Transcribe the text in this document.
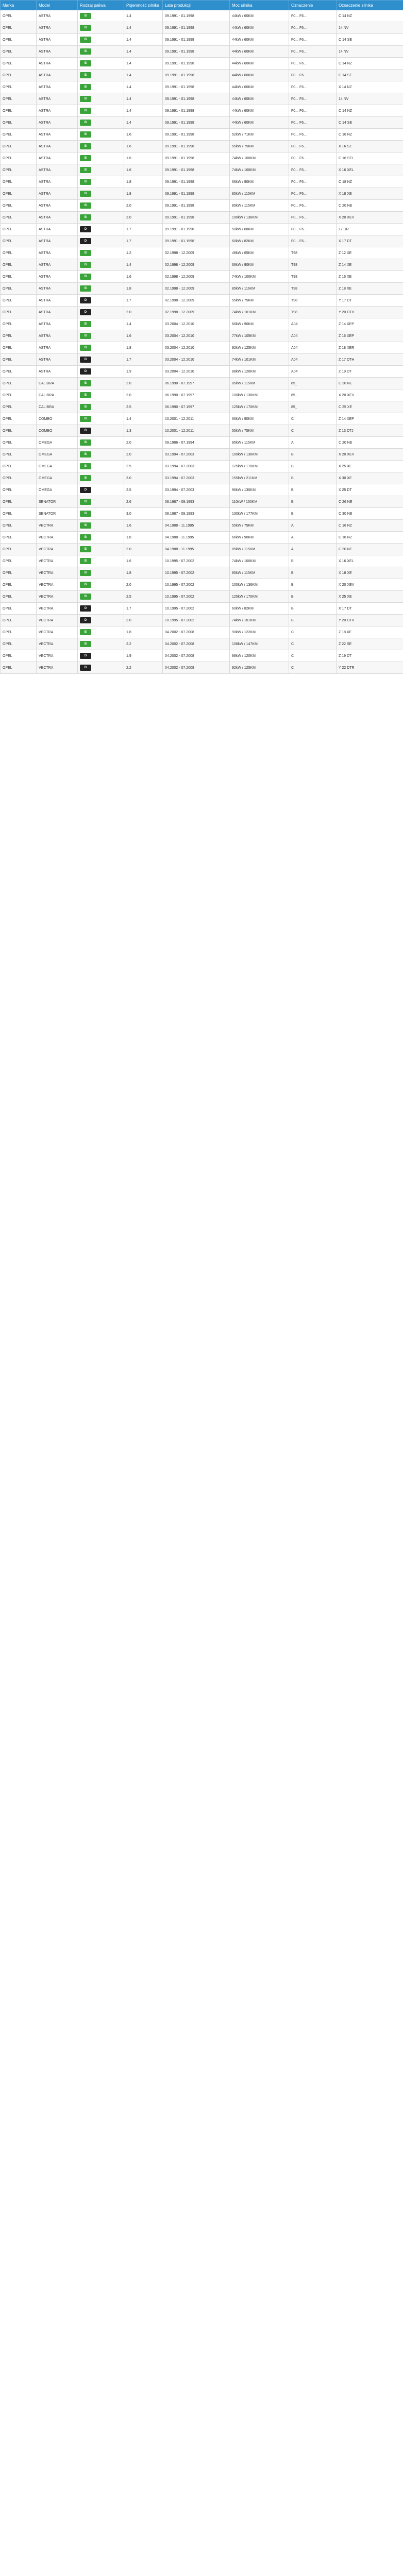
Marka	Model	Rodzaj paliwa	Pojemność silnika	Lata produkcji	Moc silnika	Oznaczenie	Oznaczenie silnika
OPEL	ASTRA	B	1.4	09.1991 - 01.1998	44kW / 60KM	F0... F6...	C 14 NZ
OPEL	ASTRA	B	1.4	09.1991 - 01.1998	44kW / 60KM	F0... F6...	14 NV
OPEL	ASTRA	B	1.4	09.1991 - 01.1998	44kW / 60KM	F0... F6...	C 14 SE
OPEL	ASTRA	B	1.4	09.1991 - 01.1998	44kW / 60KM	F0... F6...	14 NV
OPEL	ASTRA	B	1.4	09.1991 - 01.1998	44kW / 60KM	F0... F6...	C 14 NZ
OPEL	ASTRA	B	1.4	09.1991 - 01.1998	44kW / 60KM	F0... F6...	C 14 SE
OPEL	ASTRA	B	1.4	09.1991 - 01.1998	44kW / 60KM	F0... F6...	X 14 NZ
OPEL	ASTRA	B	1.4	09.1991 - 01.1998	44kW / 60KM	F0... F6...	14 NV
OPEL	ASTRA	B	1.4	09.1991 - 01.1998	44kW / 60KM	F0... F6...	C 14 NZ
OPEL	ASTRA	B	1.4	09.1991 - 01.1998	44kW / 60KM	F0... F6...	C 14 SE
OPEL	ASTRA	B	1.6	09.1991 - 01.1998	52kW / 71KM	F0... F6...	C 16 NZ
OPEL	ASTRA	B	1.6	09.1991 - 01.1998	55kW / 75KM	F0... F6...	X 16 SZ
OPEL	ASTRA	B	1.6	09.1991 - 01.1998	74kW / 100KM	F0... F6...	C 16 SEI
OPEL	ASTRA	B	1.6	09.1991 - 01.1998	74kW / 100KM	F0... F6...	X 16 XEL
OPEL	ASTRA	B	1.8	09.1991 - 01.1998	66kW / 90KM	F0... F6...	C 18 NZ
OPEL	ASTRA	B	1.8	09.1991 - 01.1998	85kW / 115KM	F0... F6...	X 18 XE
OPEL	ASTRA	B	2.0	09.1991 - 01.1998	85kW / 115KM	F0... F6...	C 20 NE
OPEL	ASTRA	B	2.0	09.1991 - 01.1998	100kW / 136KM	F0... F6...	X 20 XEV
OPEL	ASTRA	D	1.7	09.1991 - 01.1998	50kW / 68KM	F0... F6...	17 DR
OPEL	ASTRA	D	1.7	09.1991 - 01.1998	60kW / 82KM	F0... F6...	X 17 DT
OPEL	ASTRA	B	1.2	02.1998 - 12.2009	48kW / 65KM	T98	Z 12 XE
OPEL	ASTRA	B	1.4	02.1998 - 12.2009	66kW / 90KM	T98	Z 14 XE
OPEL	ASTRA	B	1.6	02.1998 - 12.2009	74kW / 100KM	T98	Z 16 XE
OPEL	ASTRA	B	1.8	02.1998 - 12.2009	85kW / 116KM	T98	Z 18 XE
OPEL	ASTRA	D	1.7	02.1998 - 12.2009	55kW / 75KM	T98	Y 17 DT
OPEL	ASTRA	D	2.0	02.1998 - 12.2009	74kW / 101KM	T98	Y 20 DTH
OPEL	ASTRA	B	1.4	03.2004 - 12.2010	66kW / 90KM	A04	Z 14 XEP
OPEL	ASTRA	B	1.6	03.2004 - 12.2010	77kW / 105KM	A04	Z 16 XEP
OPEL	ASTRA	B	1.8	03.2004 - 12.2010	92kW / 125KM	A04	Z 18 XER
OPEL	ASTRA	D	1.7	03.2004 - 12.2010	74kW / 101KM	A04	Z 17 DTH
OPEL	ASTRA	D	1.9	03.2004 - 12.2010	88kW / 120KM	A04	Z 19 DT
OPEL	CALIBRA	B	2.0	06.1990 - 07.1997	85kW / 115KM	85_	C 20 NE
OPEL	CALIBRA	B	2.0	06.1990 - 07.1997	100kW / 136KM	85_	X 20 XEV
OPEL	CALIBRA	B	2.5	06.1990 - 07.1997	125kW / 170KM	85_	C 25 XE
OPEL	COMBO	B	1.4	10.2001 - 12.2011	66kW / 90KM	C	Z 14 XEP
OPEL	COMBO	D	1.3	10.2001 - 12.2011	55kW / 75KM	C	Z 13 DTJ
OPEL	OMEGA	B	2.0	09.1986 - 07.1994	85kW / 115KM	A	C 20 NE
OPEL	OMEGA	B	2.0	03.1994 - 07.2003	100kW / 136KM	B	X 20 XEV
OPEL	OMEGA	B	2.5	03.1994 - 07.2003	125kW / 170KM	B	X 25 XE
OPEL	OMEGA	B	3.0	03.1994 - 07.2003	155kW / 211KM	B	X 30 XE
OPEL	OMEGA	D	2.5	03.1994 - 07.2003	96kW / 130KM	B	X 25 DT
OPEL	SENATOR	B	2.6	08.1987 - 09.1993	110kW / 150KM	B	C 26 NE
OPEL	SENATOR	B	3.0	08.1987 - 09.1993	130kW / 177KM	B	C 30 NE
OPEL	VECTRA	B	1.6	04.1988 - 11.1995	55kW / 75KM	A	C 16 NZ
OPEL	VECTRA	B	1.8	04.1988 - 11.1995	66kW / 90KM	A	C 18 NZ
OPEL	VECTRA	B	2.0	04.1988 - 11.1995	85kW / 115KM	A	C 20 NE
OPEL	VECTRA	B	1.6	10.1995 - 07.2002	74kW / 100KM	B	X 16 XEL
OPEL	VECTRA	B	1.8	10.1995 - 07.2002	85kW / 115KM	B	X 18 XE
OPEL	VECTRA	B	2.0	10.1995 - 07.2002	100kW / 136KM	B	X 20 XEV
OPEL	VECTRA	B	2.5	10.1995 - 07.2002	125kW / 170KM	B	X 25 XE
OPEL	VECTRA	D	1.7	10.1995 - 07.2002	60kW / 82KM	B	X 17 DT
OPEL	VECTRA	D	2.0	10.1995 - 07.2002	74kW / 101KM	B	Y 20 DTH
OPEL	VECTRA	B	1.8	04.2002 - 07.2008	90kW / 122KM	C	Z 18 XE
OPEL	VECTRA	B	2.2	04.2002 - 07.2008	108kW / 147KM	C	Z 22 SE
OPEL	VECTRA	D	1.9	04.2002 - 07.2008	88kW / 120KM	C	Z 19 DT
OPEL	VECTRA	D	2.2	04.2002 - 07.2008	92kW / 125KM	C	Y 22 DTR
